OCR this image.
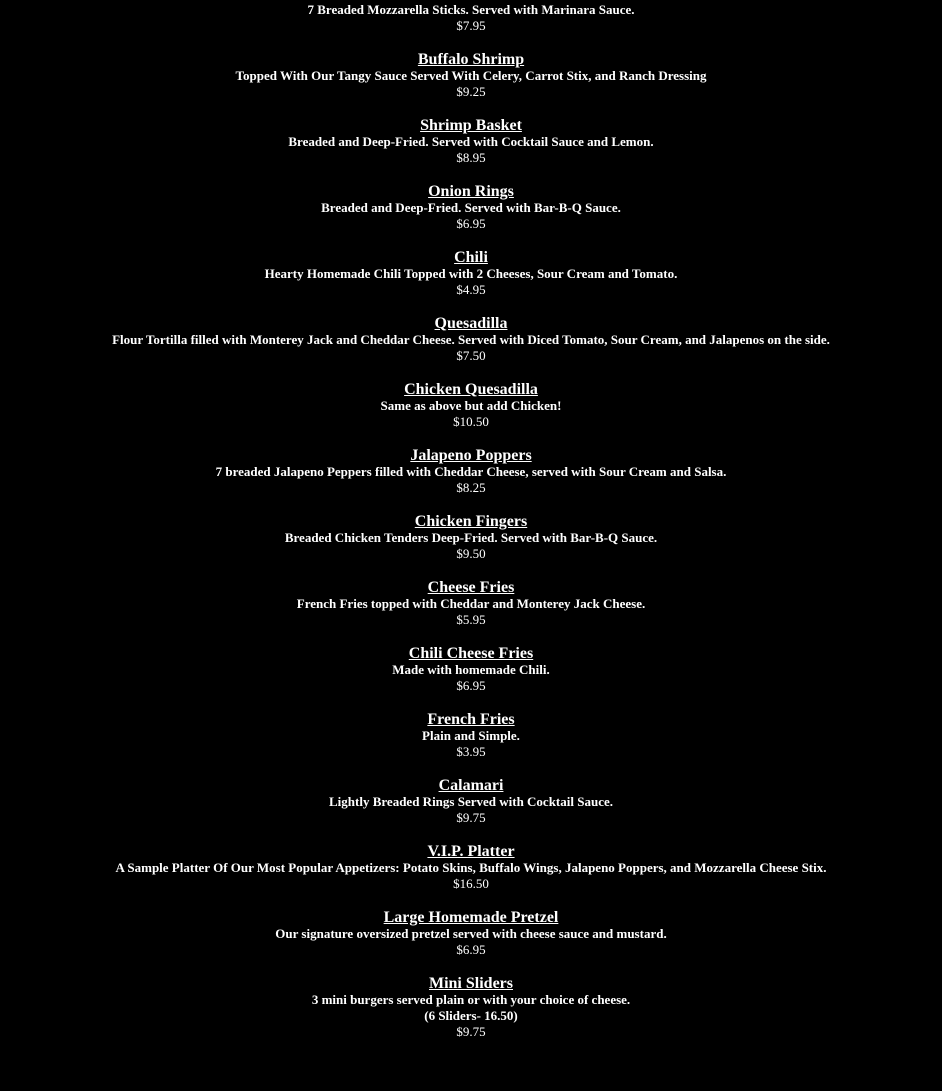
7 Breaded Mozzarella Sticks. Served with Marinara Sauce.
$7.95
Buffalo Shrimp
Topped With Our Tangy Sauce Served With Celery, Carrot Stix, and Ranch Dressing
$9.25
Shrimp Basket
Breaded and Deep-Fried. Served with Cocktail Sauce and Lemon.
$8.95
Onion Rings
Breaded and Deep-Fried. Served with Bar-B-Q Sauce.
$6.95
Chili
Hearty Homemade Chili Topped with 2 Cheeses, Sour Cream and Tomato.
$4.95
Quesadilla
Flour Tortilla filled with Monterey Jack and Cheddar Cheese. Served with Diced Tomato, Sour Cream, and Jalapenos on the side.
$7.50
Chicken Quesadilla
Same as above but add Chicken!
$10.50
Jalapeno Poppers
7 breaded Jalapeno Peppers filled with Cheddar Cheese, served with Sour Cream and Salsa.
$8.25
Chicken Fingers
Breaded Chicken Tenders Deep-Fried. Served with Bar-B-Q Sauce.
$9.50
Cheese Fries
French Fries topped with Cheddar and Monterey Jack Cheese.
$5.95
Chili Cheese Fries
Made with homemade Chili.
$6.95
French Fries
Plain and Simple.
$3.95
Calamari
Lightly Breaded Rings Served with Cocktail Sauce.
$9.75
V.I.P. Platter
A Sample Platter Of Our Most Popular Appetizers: Potato Skins, Buffalo Wings, Jalapeno Poppers, and Mozzarella Cheese Stix.
$16.50
Large Homemade Pretzel
Our signature oversized pretzel served with cheese sauce and mustard.
$6.95
Mini Sliders
3 mini burgers served plain or with your choice of cheese.
(6 Sliders- 16.50)
$9.75
